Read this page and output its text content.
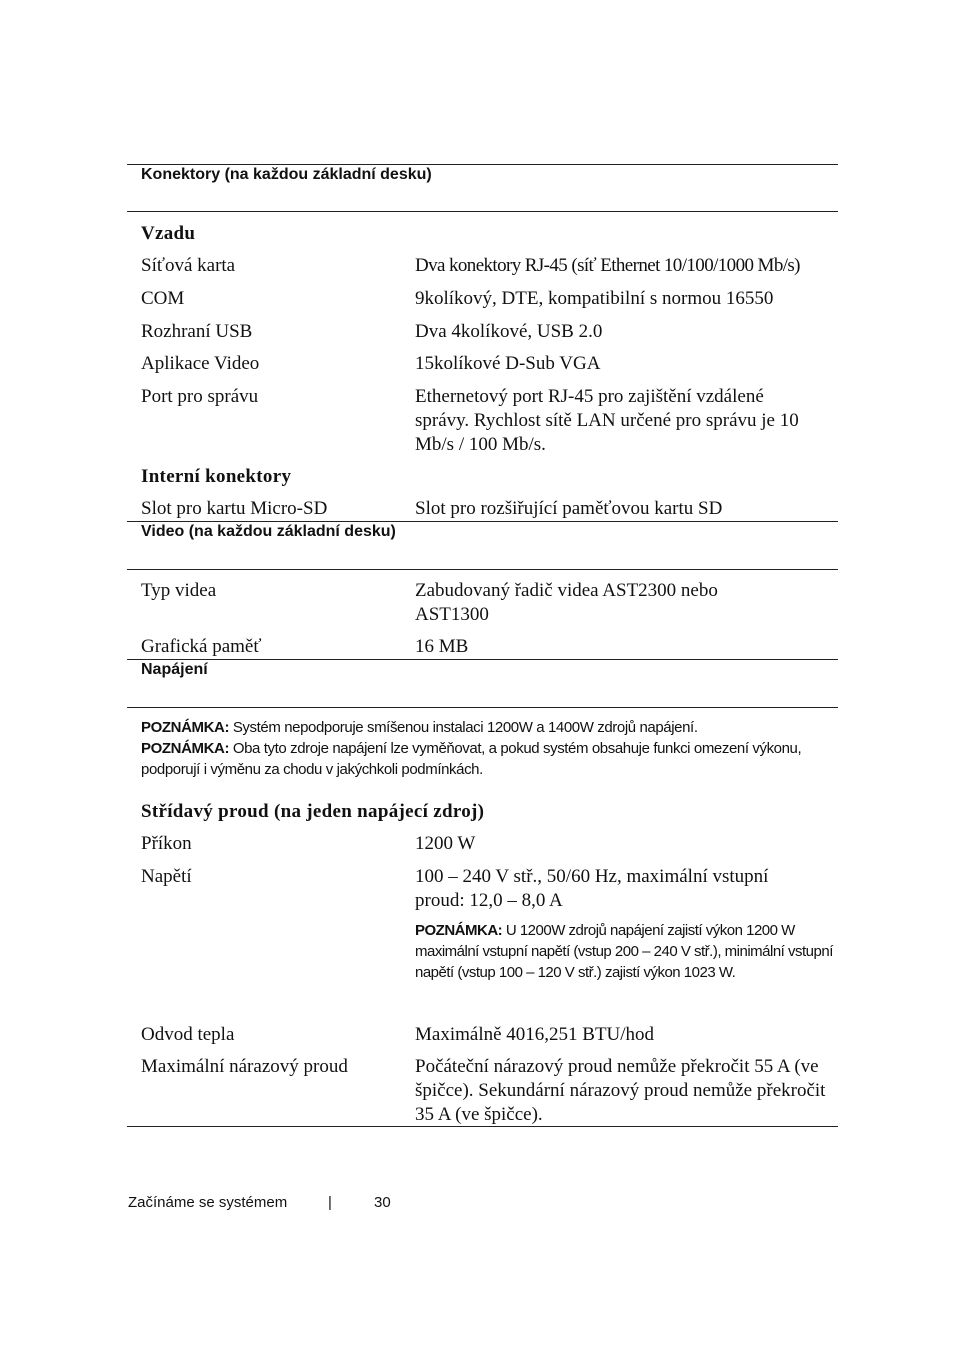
Konektory (na každou základní desku)
Vzadu
Síťová karta	Dva konektory RJ-45 (síť Ethernet 10/100/1000 Mb/s)
COM	9kolíkový, DTE, kompatibilní s normou 16550
Rozhraní USB	Dva 4kolíkové, USB 2.0
Aplikace Video	15kolíkové D-Sub VGA
Port pro správu	Ethernetový port RJ-45 pro zajištění vzdálené správy. Rychlost sítě LAN určené pro správu je 10 Mb/s / 100 Mb/s.
Interní konektory
Slot pro kartu Micro-SD	Slot pro rozšiřující paměťovou kartu SD
Video (na každou základní desku)
Typ videa	Zabudovaný řadič videa AST2300 nebo AST1300
Grafická paměť	16 MB
Napájení
POZNÁMKA: Systém nepodporuje smíšenou instalaci 1200W a 1400W zdrojů napájení.
POZNÁMKA: Oba tyto zdroje napájení lze vyměňovat, a pokud systém obsahuje funkci omezení výkonu, podporují i výměnu za chodu v jakýchkoli podmínkách.
Střídavý proud (na jeden napájecí zdroj)
Příkon	1200 W
Napětí	100 – 240 V stř., 50/60 Hz, maximální vstupní proud: 12,0 – 8,0 A
POZNÁMKA: U 1200W zdrojů napájení zajistí výkon 1200 W maximální vstupní napětí (vstup 200 – 240 V stř.), minimální vstupní napětí (vstup 100 – 120 V stř.) zajistí výkon 1023 W.
Odvod tepla	Maximálně 4016,251 BTU/hod
Maximální nárazový proud	Počáteční nárazový proud nemůže překročit 55 A (ve špičce). Sekundární nárazový proud nemůže překročit 35 A (ve špičce).
Začínáme se systémem	|	30
